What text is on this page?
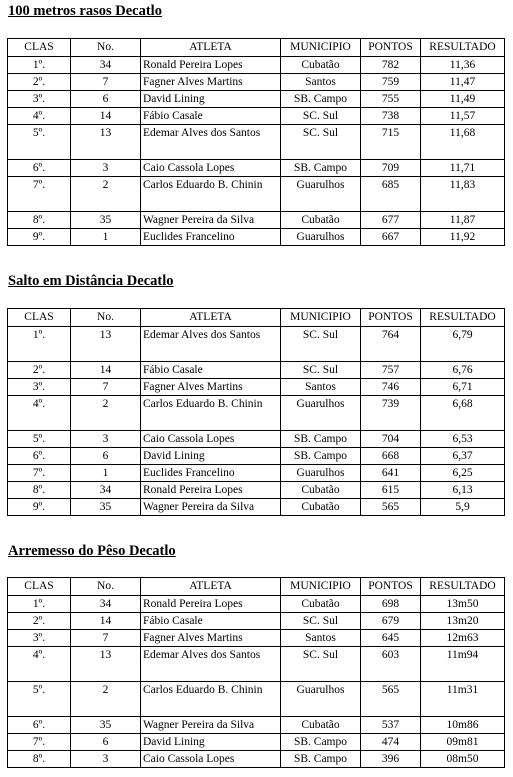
100 metros rasos Decatlo
CLAS	No.	ATLETA	MUNICIPIO	PONTOS	RESULTADO
1º.	34	Ronald Pereira Lopes	Cubatão	782	11,36
2º.	7	Fagner Alves Martins	Santos	759	11,47
3º.	6	David Lining	SB. Campo	755	11,49
4º.	14	Fábio Casale	SC. Sul	738	11,57
5º.	13	Edemar Alves dos Santos	SC. Sul	715	11,68
6º.	3	Caio Cassola Lopes	SB. Campo	709	11,71
7º.	2	Carlos Eduardo B. Chinin	Guarulhos	685	11,83
8º.	35	Wagner Pereira da Silva	Cubatão	677	11,87
9º.	1	Euclides Francelino	Guarulhos	667	11,92
Salto em Distância Decatlo
CLAS	No.	ATLETA	MUNICIPIO	PONTOS	RESULTADO
1º.	13	Edemar Alves dos Santos	SC. Sul	764	6,79
2º.	14	Fábio Casale	SC. Sul	757	6,76
3º.	7	Fagner Alves Martins	Santos	746	6,71
4º.	2	Carlos Eduardo B. Chinin	Guarulhos	739	6,68
5º.	3	Caio Cassola Lopes	SB. Campo	704	6,53
6º.	6	David Lining	SB. Campo	668	6,37
7º.	1	Euclides Francelino	Guarulhos	641	6,25
8º.	34	Ronald Pereira Lopes	Cubatão	615	6,13
9º.	35	Wagner Pereira da Silva	Cubatão	565	5,9
Arremesso do Pêso Decatlo
CLAS	No.	ATLETA	MUNICIPIO	PONTOS	RESULTADO
1º.	34	Ronald Pereira Lopes	Cubatão	698	13m50
2º.	14	Fábio Casale	SC. Sul	679	13m20
3º.	7	Fagner Alves Martins	Santos	645	12m63
4º.	13	Edemar Alves dos Santos	SC. Sul	603	11m94
5º.	2	Carlos Eduardo B. Chinin	Guarulhos	565	11m31
6º.	35	Wagner Pereira da Silva	Cubatão	537	10m86
7º.	6	David Lining	SB. Campo	474	09m81
8º.	3	Caio Cassola Lopes	SB. Campo	396	08m50
